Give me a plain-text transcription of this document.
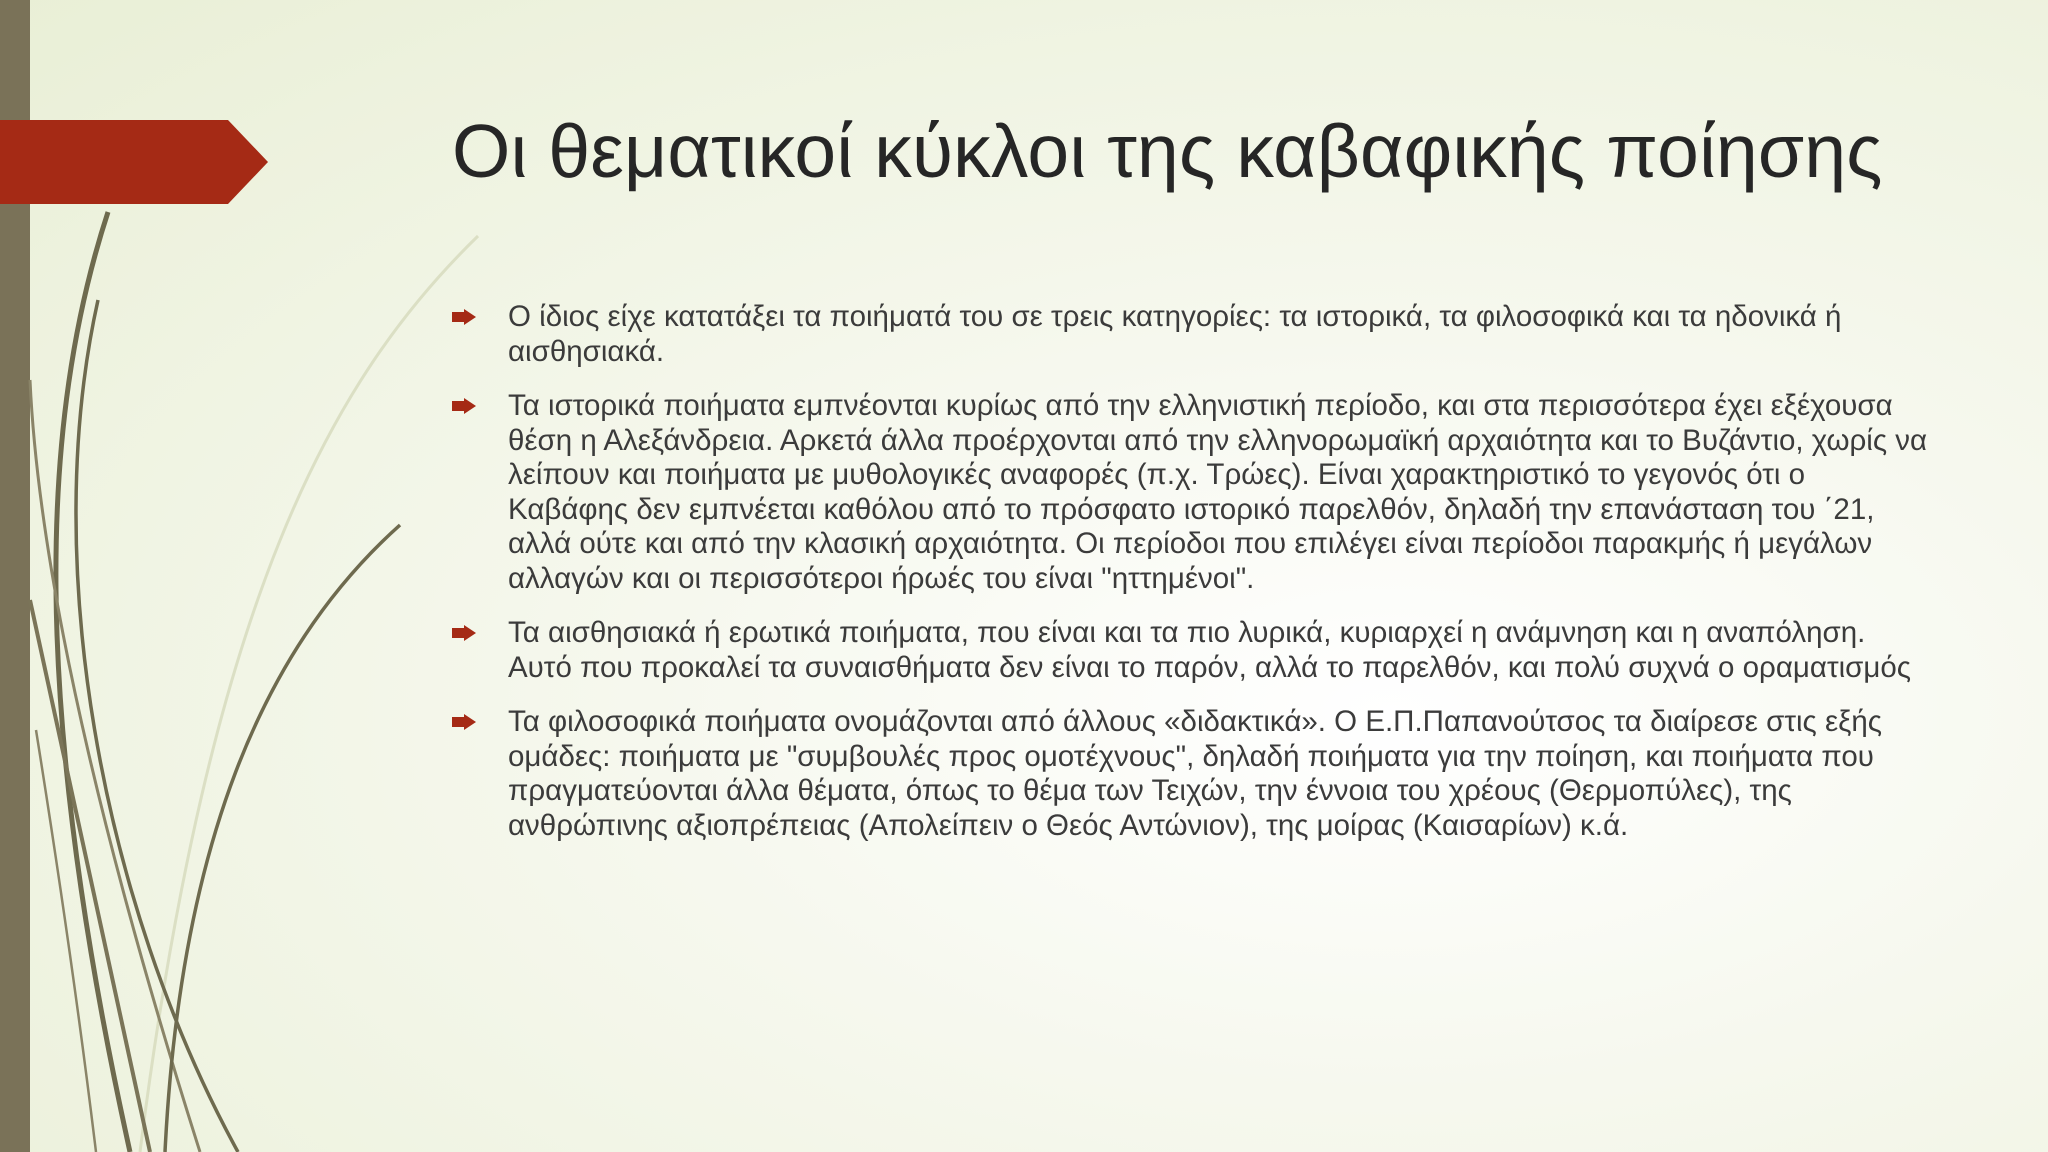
Οι θεματικοί κύκλοι της καβαφικής ποίησης
Ο ίδιος είχε κατατάξει τα ποιήματά του σε τρεις κατηγορίες: τα ιστορικά, τα φιλοσοφικά και τα ηδονικά ή αισθησιακά.
Τα ιστορικά ποιήματα εμπνέονται κυρίως από την ελληνιστική περίοδο, και στα περισσότερα έχει εξέχουσα θέση η Αλεξάνδρεια. Αρκετά άλλα προέρχονται από την ελληνορωμαϊκή αρχαιότητα και το Βυζάντιο, χωρίς να λείπουν και ποιήματα με μυθολογικές αναφορές (π.χ. Τρώες). Είναι χαρακτηριστικό το γεγονός ότι ο Καβάφης δεν εμπνέεται καθόλου από το πρόσφατο ιστορικό παρελθόν, δηλαδή την επανάσταση του ΄21, αλλά ούτε και από την κλασική αρχαιότητα. Οι περίοδοι που επιλέγει είναι περίοδοι παρακμής ή μεγάλων αλλαγών και οι περισσότεροι ήρωές του είναι "ηττημένοι".
Τα αισθησιακά ή ερωτικά ποιήματα, που είναι και τα πιο λυρικά, κυριαρχεί η ανάμνηση και η αναπόληση. Αυτό που προκαλεί τα συναισθήματα δεν είναι το παρόν, αλλά το παρελθόν, και πολύ συχνά ο οραματισμός
Τα φιλοσοφικά ποιήματα ονομάζονται από άλλους «διδακτικά». Ο Ε.Π.Παπανούτσος τα διαίρεσε στις εξής ομάδες: ποιήματα με "συμβουλές προς ομοτέχνους", δηλαδή ποιήματα για την ποίηση, και ποιήματα που πραγματεύονται άλλα θέματα, όπως το θέμα των Τειχών, την έννοια του χρέους (Θερμοπύλες), της ανθρώπινης αξιοπρέπειας (Απολείπειν ο Θεός Αντώνιον), της μοίρας (Καισαρίων) κ.ά.
